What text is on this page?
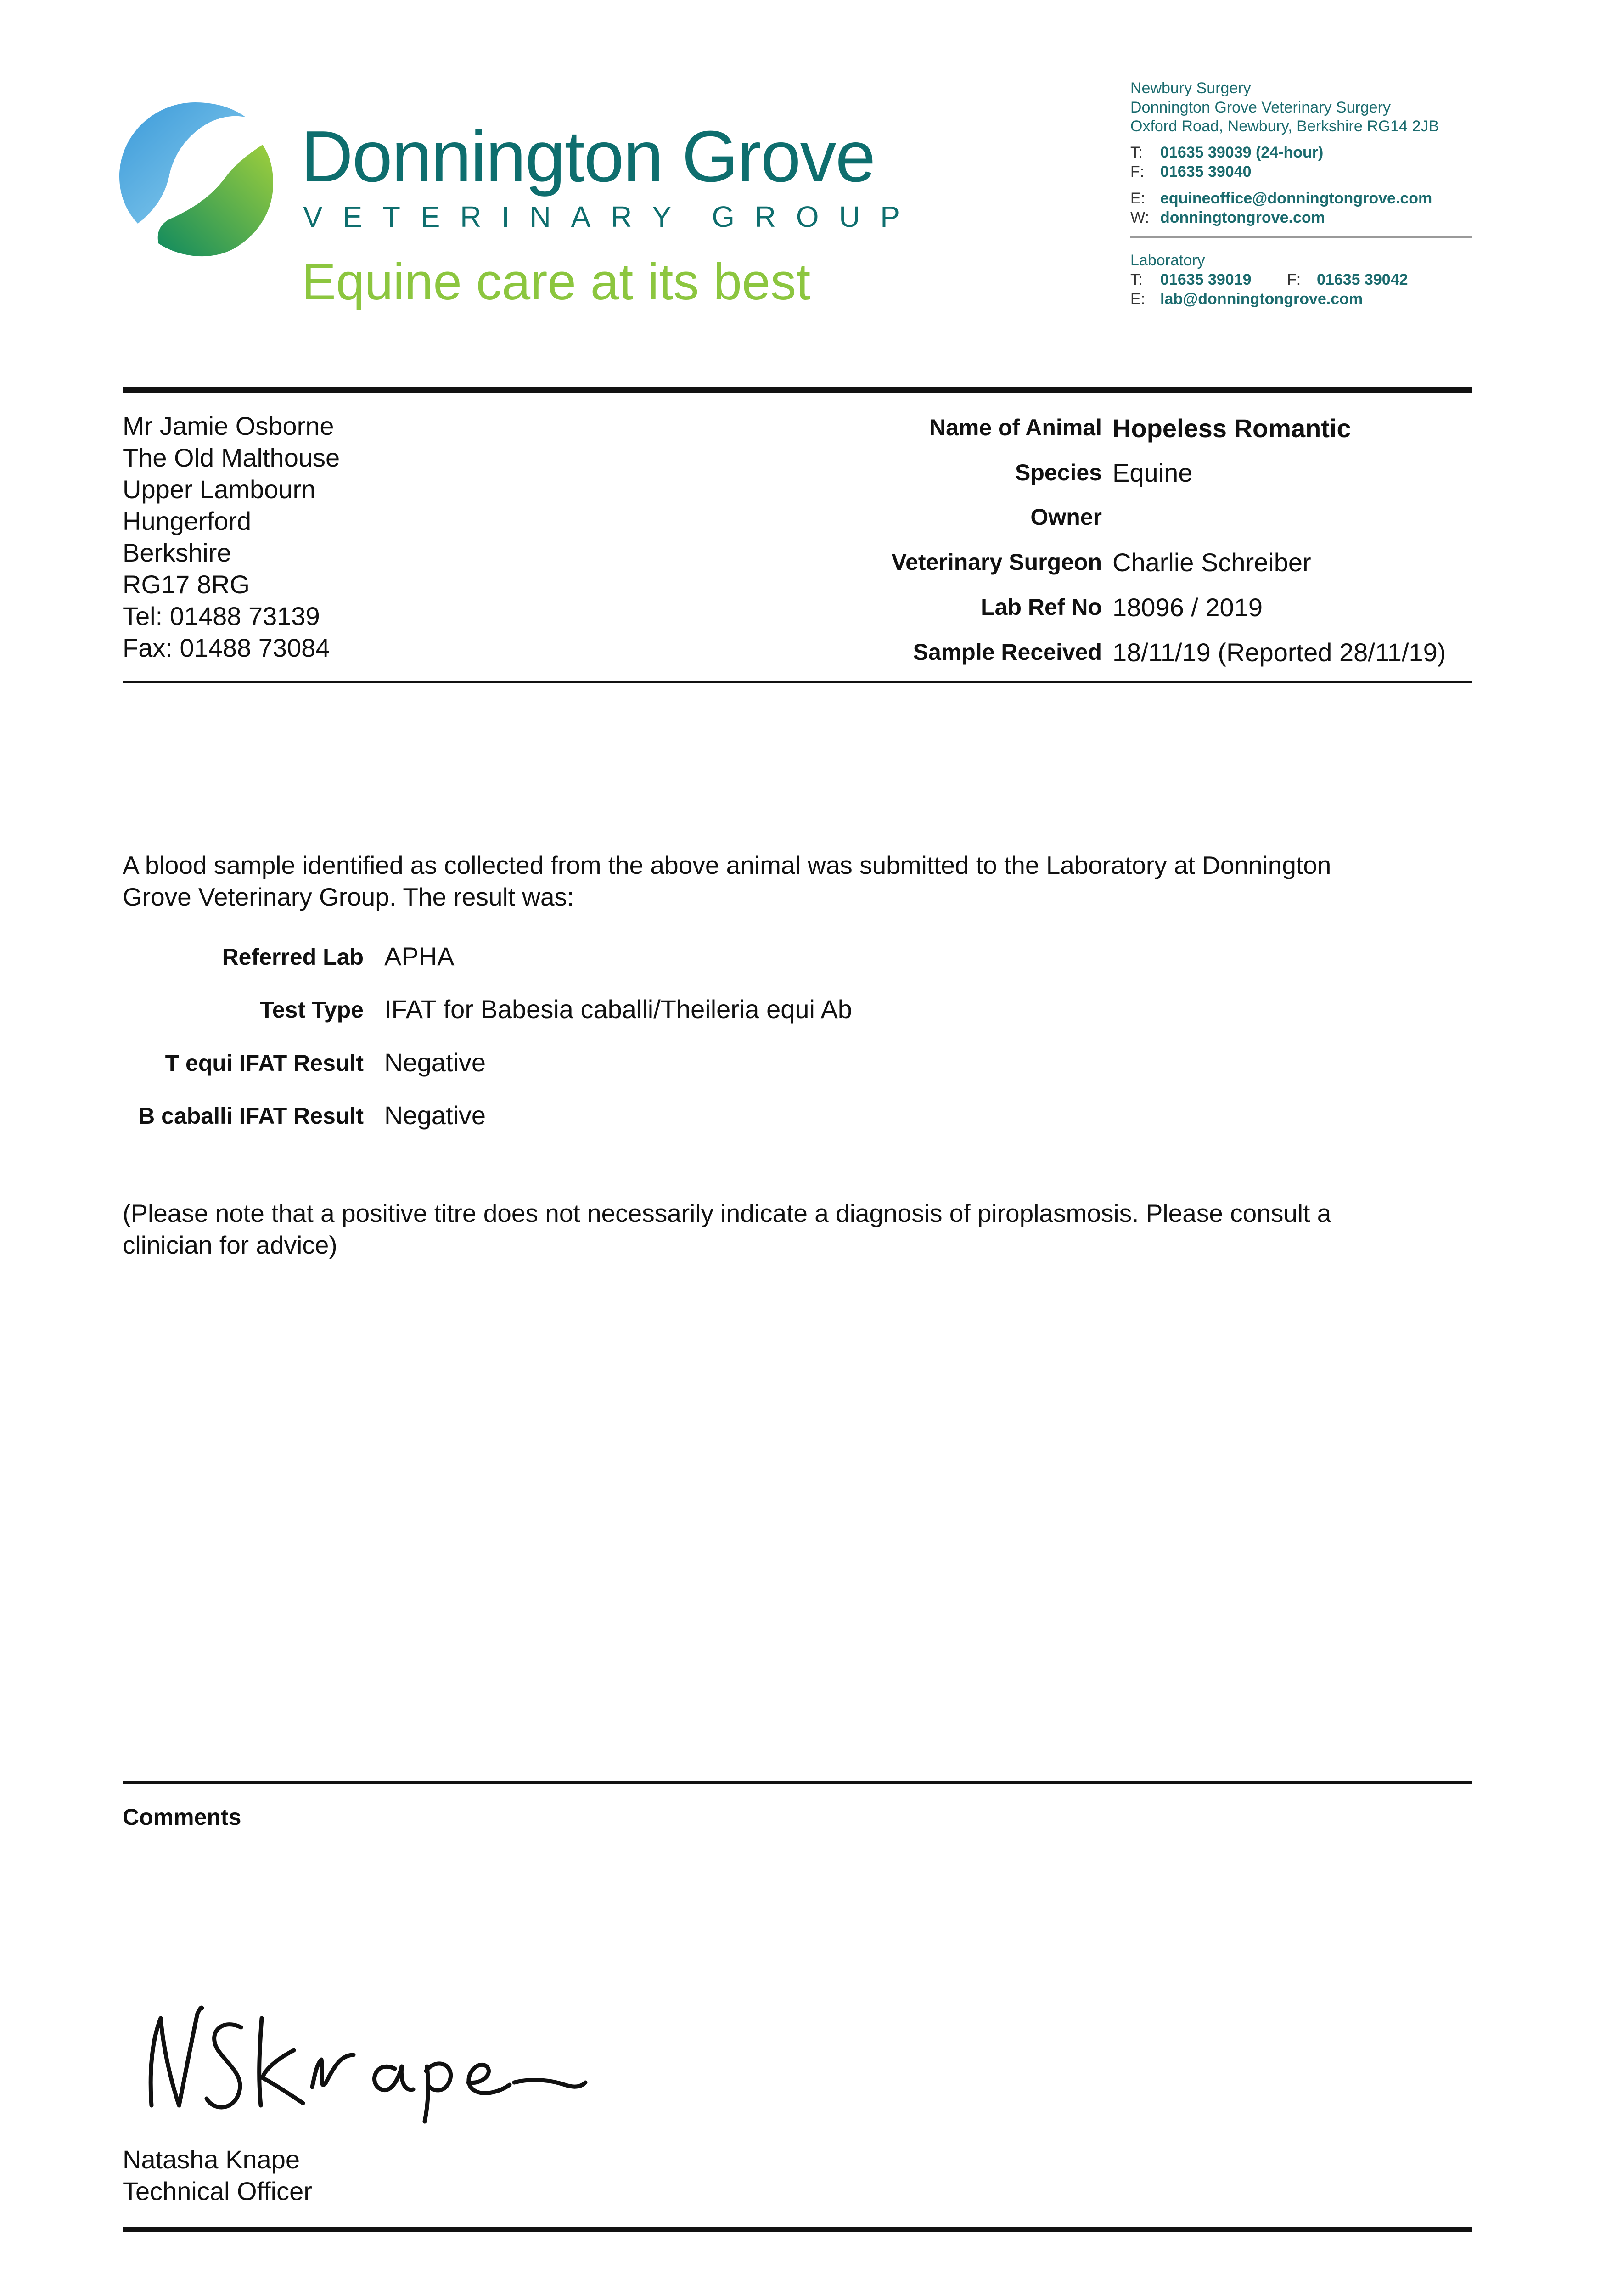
Donnington Grove
V E T E R I N A R Y G R O U P
Equine care at its best
Newbury Surgery
Donnington Grove Veterinary Surgery
Oxford Road, Newbury, Berkshire RG14 2JB
T: 01635 39039 (24-hour)
F: 01635 39040
E: equineoffice@donningtongrove.com
W: donningtongrove.com
Laboratory
T: 01635 39019 F: 01635 39042
E: lab@donningtongrove.com
Mr Jamie Osborne
The Old Malthouse
Upper Lambourn
Hungerford
Berkshire
RG17 8RG
Tel: 01488 73139
Fax: 01488 73084
Name of Animal Hopeless Romantic
Species Equine
Owner
Veterinary Surgeon Charlie Schreiber
Lab Ref No 18096 / 2019
Sample Received 18/11/19 (Reported 28/11/19)
A blood sample identified as collected from the above animal was submitted to the Laboratory at Donnington
Grove Veterinary Group. The result was:
Referred Lab APHA
Test Type IFAT for Babesia caballi/Theileria equi Ab
T equi IFAT Result Negative
B caballi IFAT Result Negative
(Please note that a positive titre does not necessarily indicate a diagnosis of piroplasmosis. Please consult a
clinician for advice)
Comments
Natasha Knape
Technical Officer
